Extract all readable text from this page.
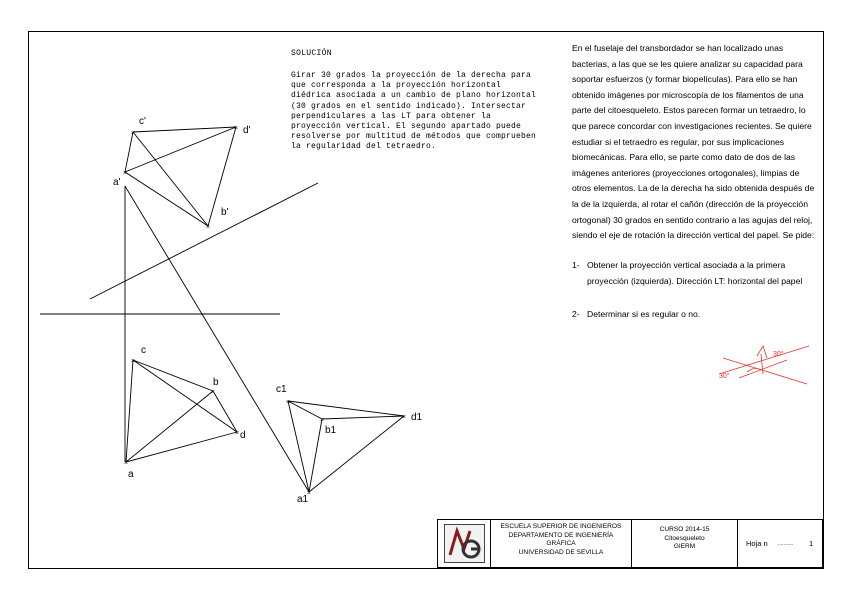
×
×
×
×
×
×
×
×
×
×	×
×
SOLUCIÓN
Girar 30 grados la proyección de la derecha para que corresponda a la proyección horizontal diédrica asociada a un cambio de plano horizontal (30 grados en el sentido indicado). Intersectar perpendiculares a las LT para obtener la proyección vertical. El segundo apartado puede resolverse por multitud de métodos que comprueben la regularidad del tetraedro.

En el fuselaje del transbordador se han localizado unas bacterias, a las que se les quiere analizar su capacidad para soportar esfuerzos (y formar biopelículas). Para ello se han obtenido imágenes por microscopía de los filamentos de una parte del citoesqueleto. Estos parecen formar un tetraedro, lo que parece concordar con investigaciones recientes. Se quiere estudiar si el tetraedro es regular, por sus implicaciones biomecánicas. Para ello, se parte como dato de dos de las imágenes anteriores (proyecciones ortogonales), limpias de otros elementos. La de la derecha ha sido obtenida después de la de la izquierda, al rotar el cañón (dirección de la proyección ortogonal) 30 grados en sentido contrario a las agujas del reloj, siendo el eje de rotación la dirección vertical del papel. Se pide:

1- Obtener la proyección vertical asociada a la primera proyección (izquierda). Dirección LT: horizontal del papel
2- Determinar si es regular o no.
c'
d'
a'
b'
c
b
d
a
c1
b1
d1
a1
30°
30°
ESCUELA SUPERIOR DE INGENIEROS
DEPARTAMENTO DE INGENIERÍA
GRÁFICA
UNIVERSIDAD DE SEVILLA
CURSO 2014-15
Citoesqueleto
GIERM	Hoja n ........... 1
